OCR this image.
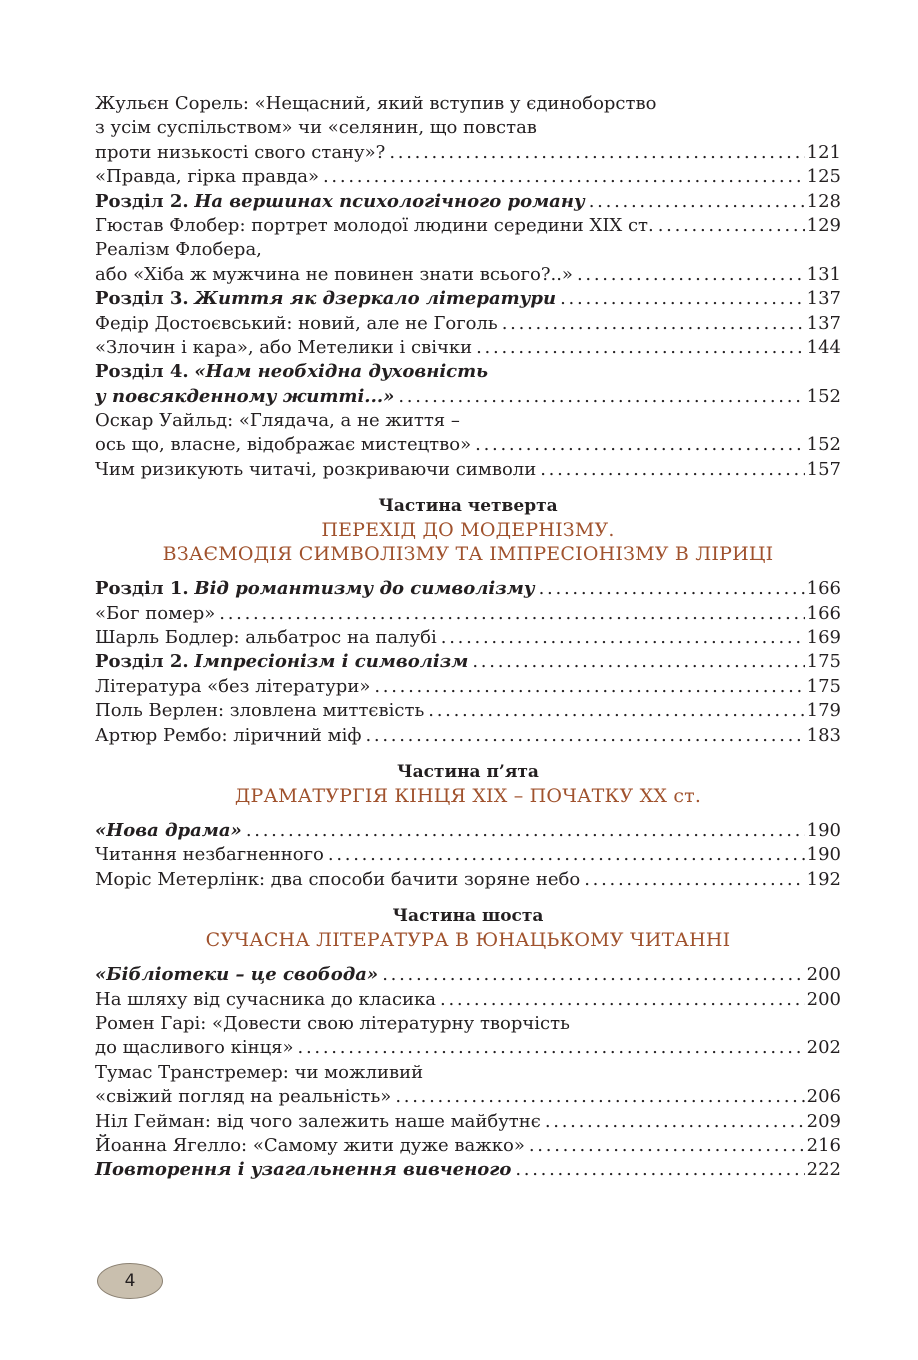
Жульєн Сорель: «Нещасний, який вступив у єдиноборство
з усім суспільством» чи «селянин, що повстав
проти низькості свого стану»? . . .	121
«Правда, гірка правда» . . .	125
Розділ 2. На вершинах психологічного роману . . .	128
Гюстав Флобер: портрет молодої людини середини XIX ст. . . .	129
Реалізм Флобера,
або «Хіба ж мужчина не повинен знати всього?..» . . .	131
Розділ 3. Життя як дзеркало літератури . . .	137
Федір Достоєвський: новий, але не Гоголь . . .	137
«Злочин і кара», або Метелики і свічки . . .	144
Розділ 4. «Нам необхідна духовність
у повсякденному житті...» . . .	152
Оскар Уайльд: «Глядача, а не життя –
ось що, власне, відображає мистецтво» . . .	152
Чим ризикують читачі, розкриваючи символи . . .	157
Частина четверта
ПЕРЕХІД ДО МОДЕРНІЗМУ.
ВЗАЄМОДІЯ СИМВОЛІЗМУ ТА ІМПРЕСІОНІЗМУ В ЛІРИЦІ
Розділ 1. Від романтизму до символізму . . .	166
«Бог помер» . . .	166
Шарль Бодлер: альбатрос на палубі . . .	169
Розділ 2. Імпресіонізм і символізм . . .	175
Література «без літератури» . . .	175
Поль Верлен: зловлена миттєвість . . .	179
Артюр Рембо: ліричний міф . . .	183
Частина п’ята
ДРАМАТУРГІЯ КІНЦЯ XIX – ПОЧАТКУ XX ст.
«Нова драма» . . .	190
Читання незбагненного . . .	190
Моріс Метерлінк: два способи бачити зоряне небо . . .	192
Частина шоста
СУЧАСНА ЛІТЕРАТУРА В ЮНАЦЬКОМУ ЧИТАННІ
«Бібліотеки – це свобода» . . .	200
На шляху від сучасника до класика . . .	200
Ромен Гарі: «Довести свою літературну творчість
до щасливого кінця» . . .	202
Тумас Транстремер: чи можливий
«свіжий погляд на реальність» . . .	206
Ніл Гейман: від чого залежить наше майбутнє . . .	209
Йоанна Ягелло: «Самому жити дуже важко» . . .	216
Повторення і узагальнення вивченого . . .	222
4
